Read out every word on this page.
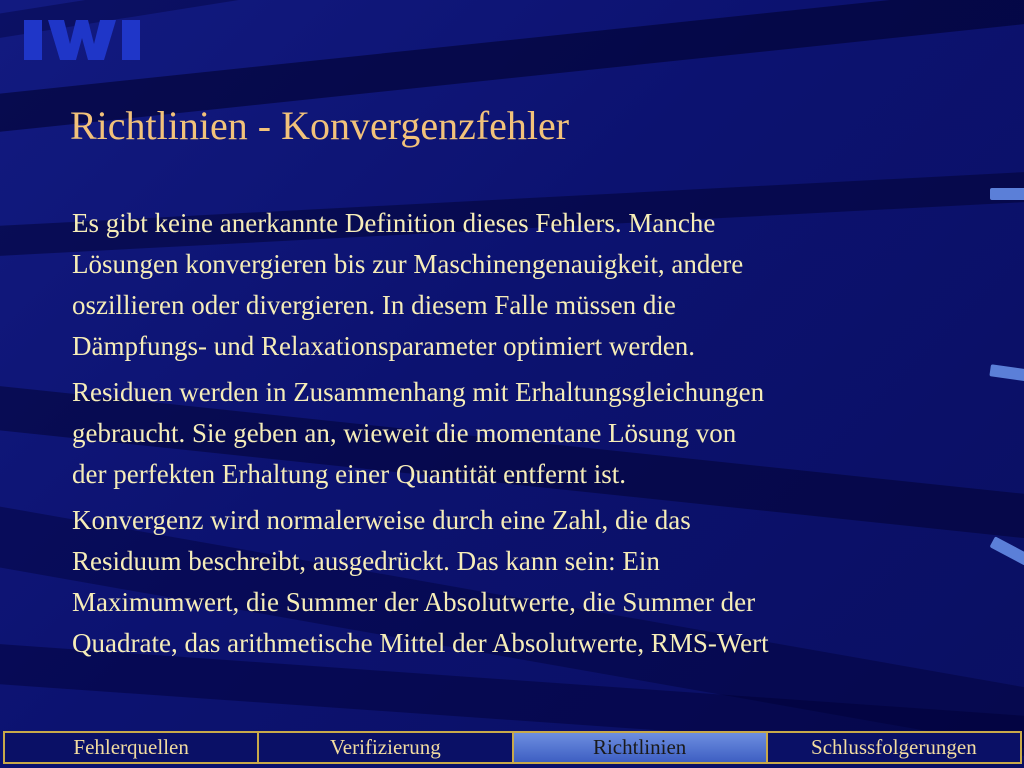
Richtlinien - Konvergenzfehler

Es gibt keine anerkannte Definition dieses Fehlers. Manche
Lösungen konvergieren bis zur Maschinengenauigkeit, andere
oszillieren oder divergieren. In diesem Falle müssen die
Dämpfungs- und Relaxationsparameter optimiert werden.

Residuen werden in Zusammenhang mit Erhaltungsgleichungen
gebraucht. Sie geben an, wieweit die momentane Lösung von
der perfekten Erhaltung einer Quantität entfernt ist.

Konvergenz wird normalerweise durch eine Zahl, die das
Residuum beschreibt, ausgedrückt. Das kann sein: Ein
Maximumwert, die Summer der Absolutwerte, die Summer der
Quadrate, das arithmetische Mittel der Absolutwerte, RMS-Wert

Fehlerquellen	Verifizierung	Richtlinien	Schlussfolgerungen
